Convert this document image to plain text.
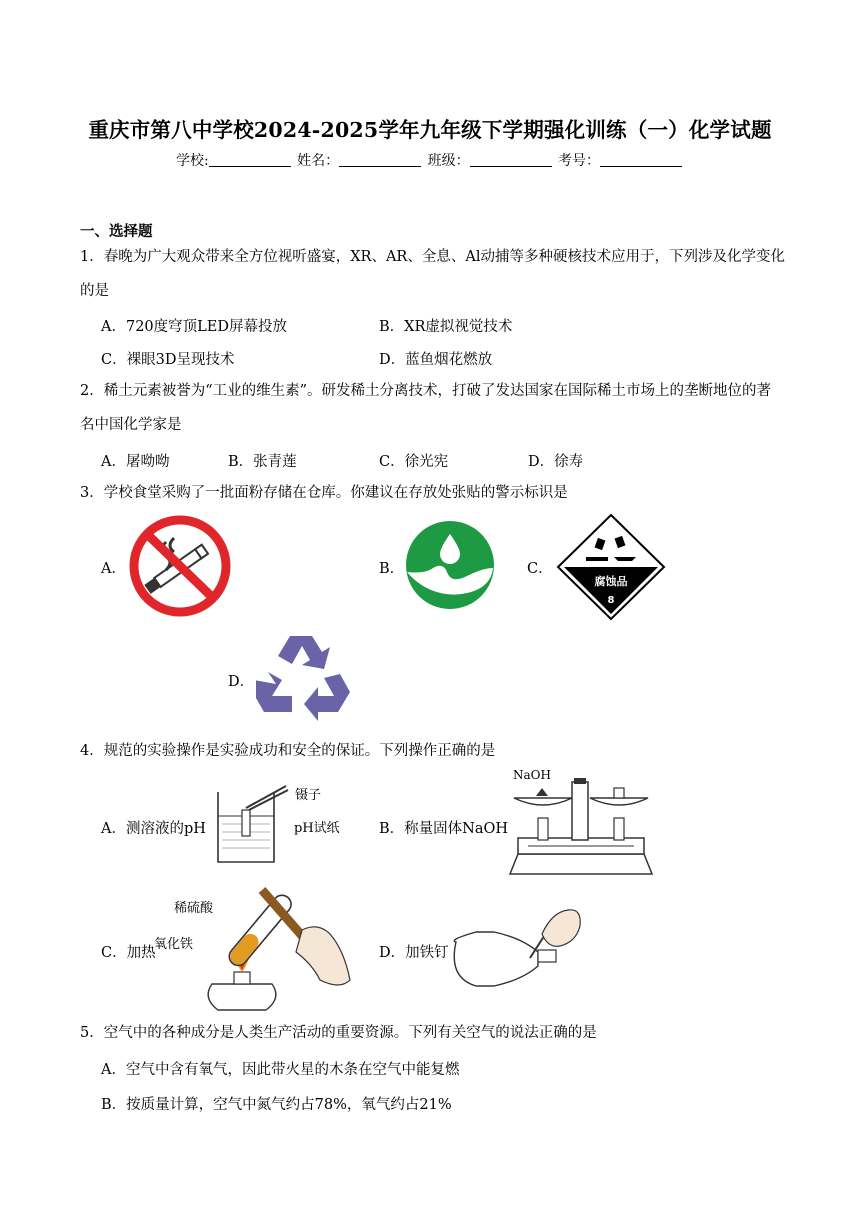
重庆市第八中学校2024-2025学年九年级下学期强化训练（一）化学试题
学校:	姓名：	班级：	考号：
一、选择题
1．春晚为广大观众带来全方位视听盛宴，XR、AR、全息、Al动捕等多种硬核技术应用于，下列涉及化学变化的是
A．720度穹顶LED屏幕投放	B．XR虚拟视觉技术
C．裸眼3D呈现技术	D．蓝鱼烟花燃放
2．稀土元素被誉为“工业的维生素”。研发稀土分离技术，打破了发达国家在国际稀土市场上的垄断地位的著名中国化学家是
A．屠呦呦	B．张青莲	C．徐光宪	D．徐寿
3．学校食堂采购了一批面粉存储在仓库。你建议在存放处张贴的警示标识是
A．	B．	C．
腐蚀品
8
D．
4．规范的实验操作是实验成功和安全的保证。下列操作正确的是
A．测溶液的pH
镊子
pH试纸	B．称量固体NaOH
NaOH
C．加热
稀硫酸
氧化铁
D．加铁钉
5．空气中的各种成分是人类生产活动的重要资源。下列有关空气的说法正确的是
A．空气中含有氧气，因此带火星的木条在空气中能复燃
B．按质量计算，空气中氮气约占78%，氧气约占21%
